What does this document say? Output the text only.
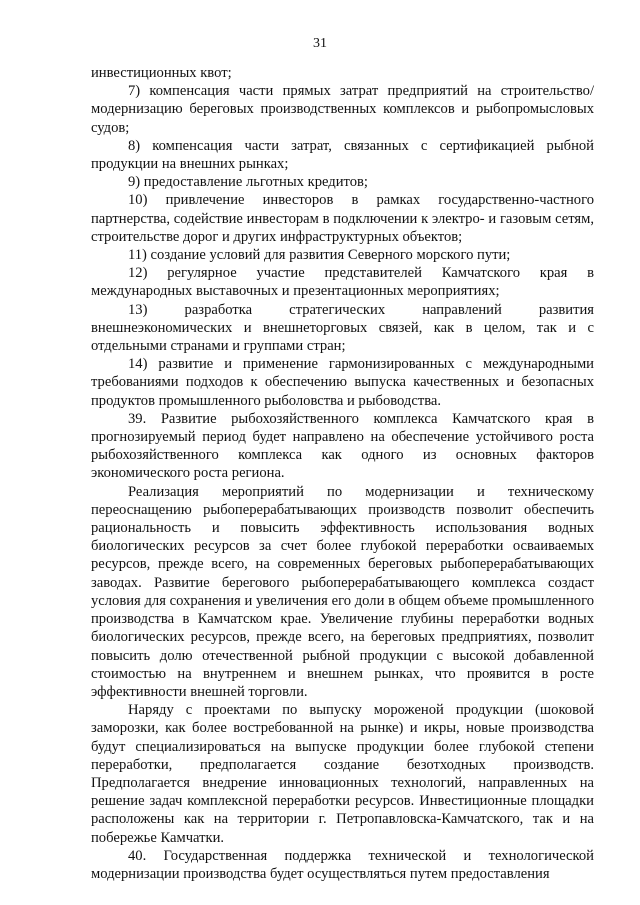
31

инвестиционных квот;

7) компенсация части прямых затрат предприятий на строительство/ модернизацию береговых производственных комплексов и рыбопромысловых судов;

8) компенсация части затрат, связанных с сертификацией рыбной продукции на внешних рынках;

9) предоставление льготных кредитов;

10) привлечение инвесторов в рамках государственно-частного партнерства, содействие инвесторам в подключении к электро- и газовым сетям, строительстве дорог и других инфраструктурных объектов;

11) создание условий для развития Северного морского пути;

12) регулярное участие представителей Камчатского края в международных выставочных и презентационных мероприятиях;

13) разработка стратегических направлений развития внешнеэкономических и внешнеторговых связей, как в целом, так и с отдельными странами и группами стран;

14) развитие и применение гармонизированных с международными требованиями подходов к обеспечению выпуска качественных и безопасных продуктов промышленного рыболовства и рыбоводства.

39. Развитие рыбохозяйственного комплекса Камчатского края в прогнозируемый период будет направлено на обеспечение устойчивого роста рыбохозяйственного комплекса как одного из основных факторов экономического роста региона.

Реализация мероприятий по модернизации и техническому переоснащению рыбоперерабатывающих производств позволит обеспечить рациональность и повысить эффективность использования водных биологических ресурсов за счет более глубокой переработки осваиваемых ресурсов, прежде всего, на современных береговых рыбоперерабатывающих заводах. Развитие берегового рыбоперерабатывающего комплекса создаст условия для сохранения и увеличения его доли в общем объеме промышленного производства в Камчатском крае. Увеличение глубины переработки водных биологических ресурсов, прежде всего, на береговых предприятиях, позволит повысить долю отечественной рыбной продукции с высокой добавленной стоимостью на внутреннем и внешнем рынках, что проявится в росте эффективности внешней торговли.

Наряду с проектами по выпуску мороженой продукции (шоковой заморозки, как более востребованной на рынке) и икры, новые производства будут специализироваться на выпуске продукции более глубокой степени переработки, предполагается создание безотходных производств. Предполагается внедрение инновационных технологий, направленных на решение задач комплексной переработки ресурсов. Инвестиционные площадки расположены как на территории г. Петропавловска-Камчатского, так и на побережье Камчатки.

40. Государственная поддержка технической и технологической модернизации производства будет осуществляться путем предоставления
